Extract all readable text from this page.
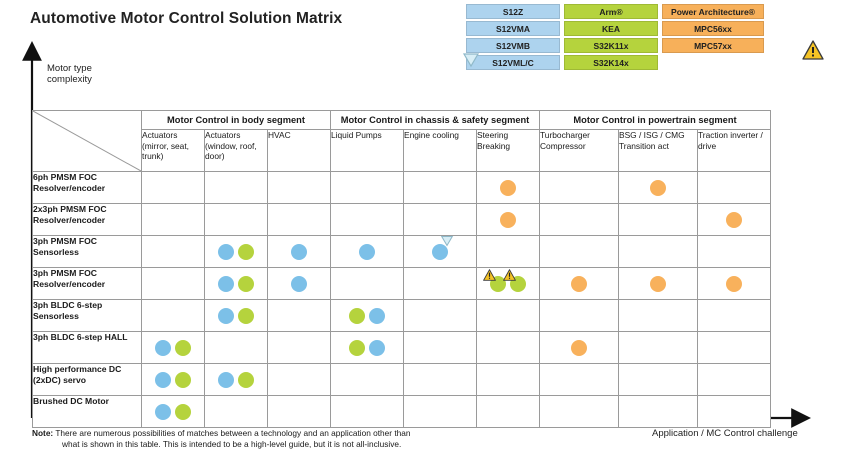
Automotive Motor Control Solution Matrix	S12Z
S12VMA
S12VMB
S12VML/C
Arm®
KEA
S32K11x
S32K14x
Power Architecture®
MPC56xx
MPC57xx
Motor type
complexity
Application / MC Control challenge
	Motor Control in body segment			Motor Control in chassis & safety segment			Motor Control in powertrain segment		
	Actuators (mirror, seat, trunk)	Actuators (window, roof, door)	HVAC	Liquid Pumps	Engine cooling	Steering Breaking	Turbocharger Compressor	BSG / ISG / CMG Transition act	Traction inverter / drive
6ph PMSM FOC Resolver/encoder						

2x3ph PMSM FOC Resolver/encoder						

3ph PMSM FOC Sensorless		

3ph PMSM FOC Resolver/encoder		

3ph BLDC 6-step Sensorless		

3ph BLDC 6-step HALL	

High performance DC (2xDC) servo	

Brushed DC Motor	

Note: There are numerous possibilities of matches between a technology and an application other than
what is shown in this table. This is intended to be a high-level guide, but it is not all-inclusive.
